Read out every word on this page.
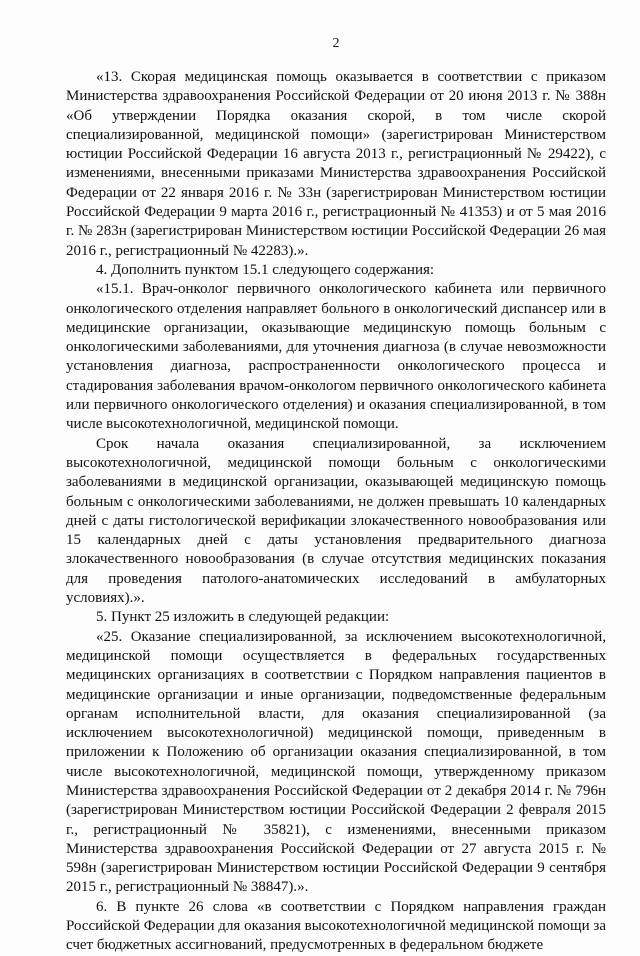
2

«13. Скорая медицинская помощь оказывается в соответствии с приказом Министерства здравоохранения Российской Федерации от 20 июня 2013 г. № 388н «Об утверждении Порядка оказания скорой, в том числе скорой специализированной, медицинской помощи» (зарегистрирован Министерством юстиции Российской Федерации 16 августа 2013 г., регистрационный № 29422), с изменениями, внесенными приказами Министерства здравоохранения Российской Федерации от 22 января 2016 г. № 33н (зарегистрирован Министерством юстиции Российской Федерации 9 марта 2016 г., регистрационный № 41353) и от 5 мая 2016 г. № 283н (зарегистрирован Министерством юстиции Российской Федерации 26 мая 2016 г., регистрационный № 42283).».

4. Дополнить пунктом 15.1 следующего содержания:

«15.1. Врач-онколог первичного онкологического кабинета или первичного онкологического отделения направляет больного в онкологический диспансер или в медицинские организации, оказывающие медицинскую помощь больным с онкологическими заболеваниями, для уточнения диагноза (в случае невозможности установления диагноза, распространенности онкологического процесса и стадирования заболевания врачом-онкологом первичного онкологического кабинета или первичного онкологического отделения) и оказания специализированной, в том числе высокотехнологичной, медицинской помощи.

Срок начала оказания специализированной, за исключением высокотехнологичной, медицинской помощи больным с онкологическими заболеваниями в медицинской организации, оказывающей медицинскую помощь больным с онкологическими заболеваниями, не должен превышать 10 календарных дней с даты гистологической верификации злокачественного новообразования или 15 календарных дней с даты установления предварительного диагноза злокачественного новообразования (в случае отсутствия медицинских показания для проведения патолого-анатомических исследований в амбулаторных условиях).».

5. Пункт 25 изложить в следующей редакции:

«25. Оказание специализированной, за исключением высокотехнологичной, медицинской помощи осуществляется в федеральных государственных медицинских организациях в соответствии с Порядком направления пациентов в медицинские организации и иные организации, подведомственные федеральным органам исполнительной власти, для оказания специализированной (за исключением высокотехнологичной) медицинской помощи, приведенным в приложении к Положению об организации оказания специализированной, в том числе высокотехнологичной, медицинской помощи, утвержденному приказом Министерства здравоохранения Российской Федерации от 2 декабря 2014 г. № 796н (зарегистрирован Министерством юстиции Российской Федерации 2 февраля 2015 г., регистрационный № 35821), с изменениями, внесенными приказом Министерства здравоохранения Российской Федерации от 27 августа 2015 г. № 598н (зарегистрирован Министерством юстиции Российской Федерации 9 сентября 2015 г., регистрационный № 38847).».

6. В пункте 26 слова «в соответствии с Порядком направления граждан Российской Федерации для оказания высокотехнологичной медицинской помощи за счет бюджетных ассигнований, предусмотренных в федеральном бюджете
